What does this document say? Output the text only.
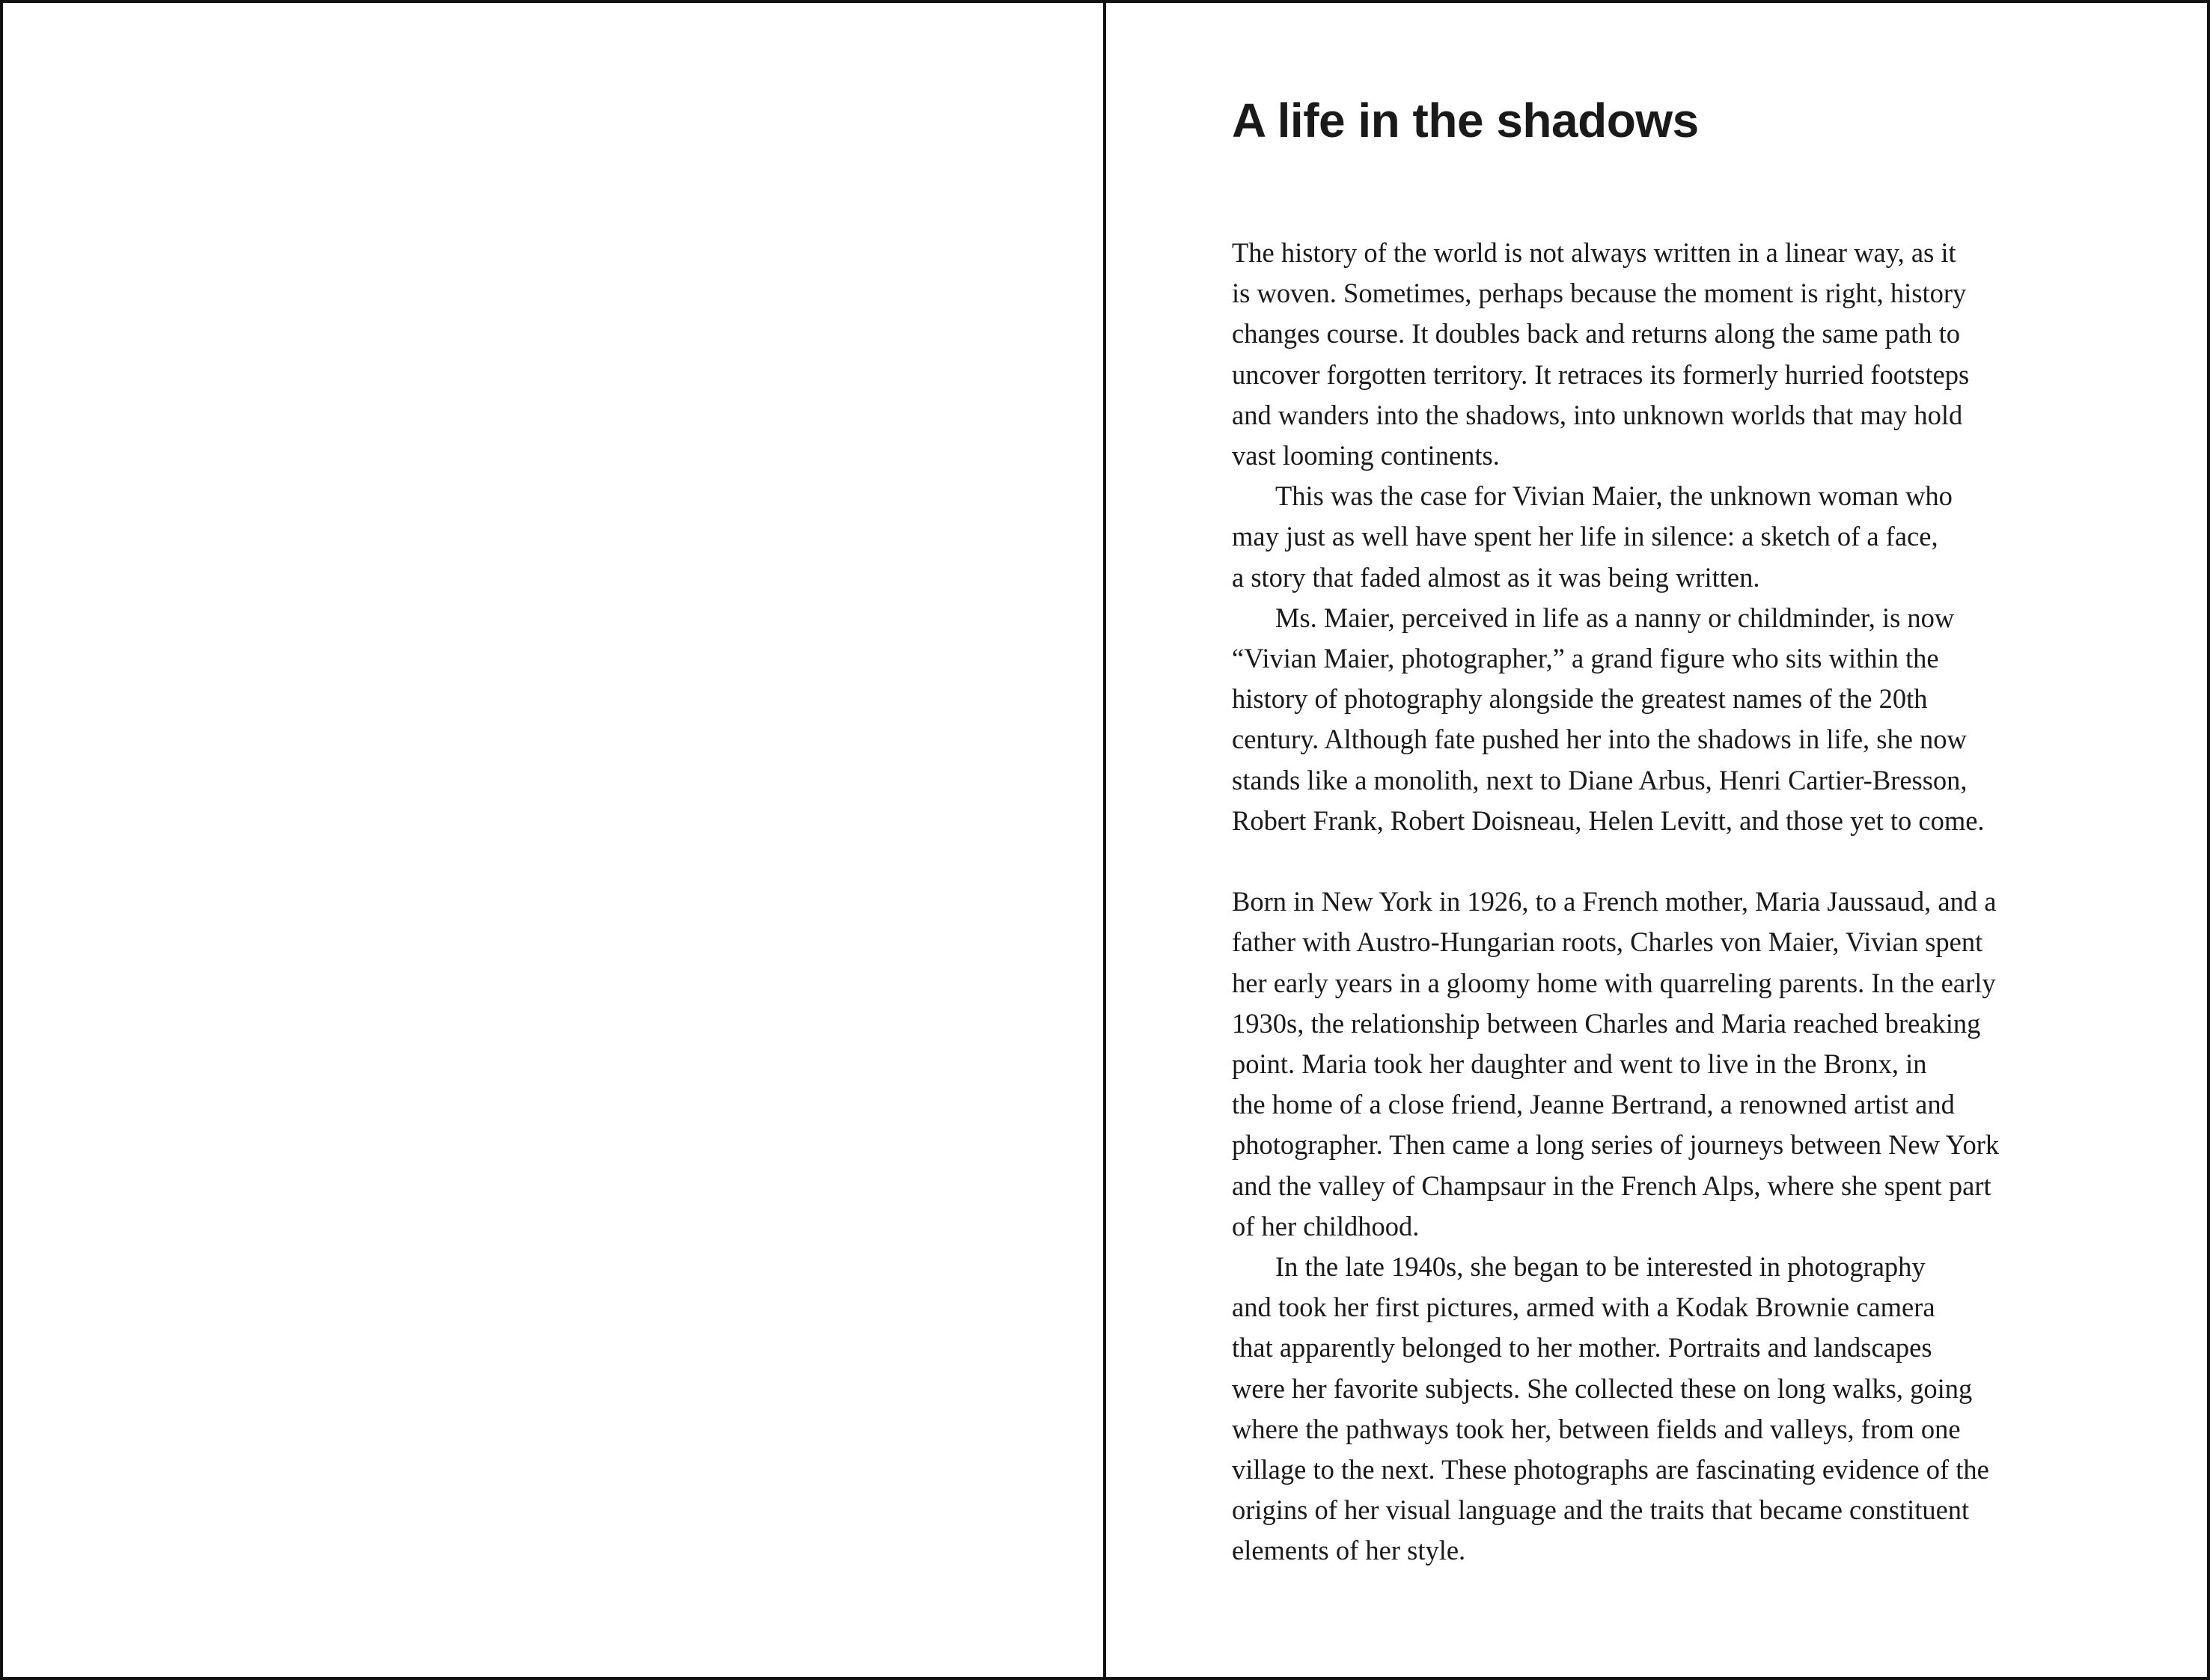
A life in the shadows

The history of the world is not always written in a linear way, as it
is woven. Sometimes, perhaps because the moment is right, history
changes course. It doubles back and returns along the same path to
uncover forgotten territory. It retraces its formerly hurried footsteps
and wanders into the shadows, into unknown worlds that may hold
vast looming continents.

This was the case for Vivian Maier, the unknown woman who
may just as well have spent her life in silence: a sketch of a face,
a story that faded almost as it was being written.

Ms. Maier, perceived in life as a nanny or childminder, is now
“Vivian Maier, photographer,” a grand figure who sits within the
history of photography alongside the greatest names of the 20th
century. Although fate pushed her into the shadows in life, she now
stands like a monolith, next to Diane Arbus, Henri Cartier-Bresson,
Robert Frank, Robert Doisneau, Helen Levitt, and those yet to come.

Born in New York in 1926, to a French mother, Maria Jaussaud, and a
father with Austro-Hungarian roots, Charles von Maier, Vivian spent
her early years in a gloomy home with quarreling parents. In the early
1930s, the relationship between Charles and Maria reached breaking
point. Maria took her daughter and went to live in the Bronx, in
the home of a close friend, Jeanne Bertrand, a renowned artist and
photographer. Then came a long series of journeys between New York
and the valley of Champsaur in the French Alps, where she spent part
of her childhood.

In the late 1940s, she began to be interested in photography
and took her first pictures, armed with a Kodak Brownie camera
that apparently belonged to her mother. Portraits and landscapes
were her favorite subjects. She collected these on long walks, going
where the pathways took her, between fields and valleys, from one
village to the next. These photographs are fascinating evidence of the
origins of her visual language and the traits that became constituent
elements of her style.
